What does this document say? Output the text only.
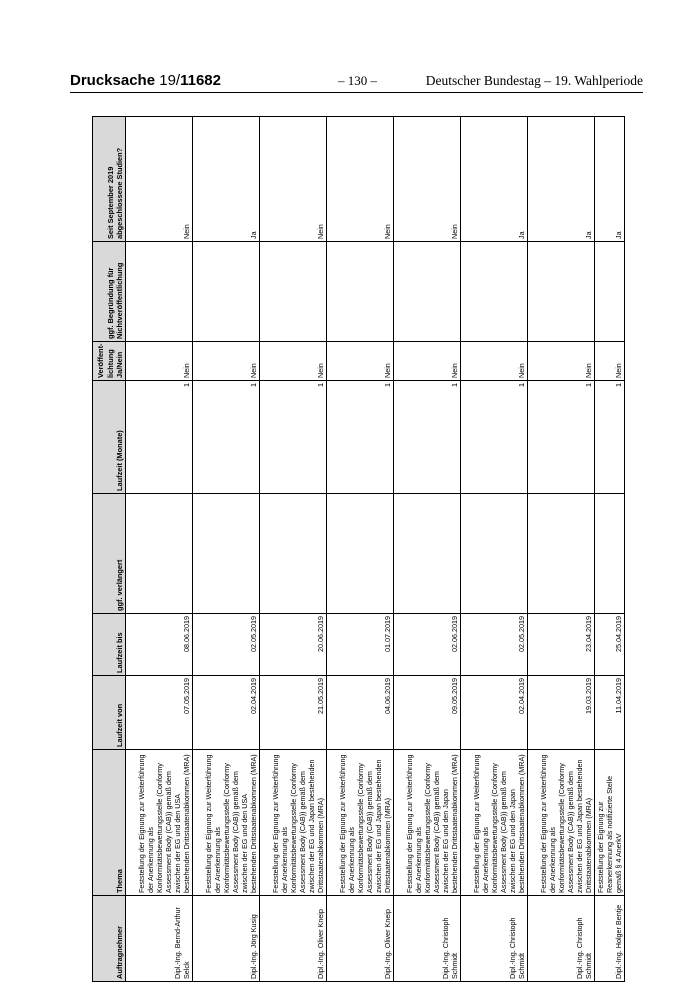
Drucksache 19/11682	– 130 –	Deutscher Bundestag – 19. Wahlperiode
Auftragnehmer	Thema	Laufzeit von	Laufzeit bis	ggf. verlängert	Laufzeit (Monate)	Veröffent-lichtung Ja/Nein	ggf. Begründung für Nichtveröffentlichung	Seit September 2019 abgeschlossene Studien?
Dipl.-Ing. Bernd-Arthur Selck	Feststellung der Eignung zur Weiterführung der Anerkennung als Konformitätsbewertungsstelle (Conformy Assessment Body (CAB)) gemäß dem zwischen der EG und den USA bestehenden Drittstaatenabkommen (MRA)	07.05.2019	08.06.2019		1	Nein		Nein
Dipl.-Ing. Jörg Kusig	Feststellung der Eignung zur Weiterführung der Anerkennung als Konformitätsbewertungsstelle (Conformy Assessment Body (CAB)) gemäß dem zwischen der EG und den USA bestehenden Drittstaatenabkommen (MRA)	02.04.2019	02.05.2019		1	Nein		Ja
Dipl.-Ing. Oliver Kneip	Feststellung der Eignung zur Weiterführung der Anerkennung als Konformitätsbewertungsstelle (Conformy Assessment Body (CAB)) gemäß dem zwischen der EG und Japan bestehenden Drittstaatenabkommen (MRA)	21.05.2019	20.06.2019		1	Nein		Nein
Dipl.-Ing. Oliver Kneip	Feststellung der Eignung zur Weiterführung der Anerkennung als Konformitätsbewertungsstelle (Conformy Assessment Body (CAB)) gemäß dem zwischen der EG und Japan bestehenden Drittstaatenabkommen (MRA)	04.06.2019	01.07.2019		1	Nein		Nein
Dipl.-Ing. Christoph Schmidt	Feststellung der Eignung zur Weiterführung der Anerkennung als Konformitätsbewertungsstelle (Conformy Assessment Body (CAB)) gemäß dem zwischen der EG und den Japan bestehenden Drittstaatenabkommen (MRA)	09.05.2019	02.06.2019		1	Nein		Nein
Dipl.-Ing. Christoph Schmidt	Feststellung der Eignung zur Weiterführung der Anerkennung als Konformitätsbewertungsstelle (Conformy Assessment Body (CAB)) gemäß dem zwischen der EG und den Japan bestehenden Drittstaatenabkommen (MRA)	02.04.2019	02.05.2019		1	Nein		Ja
Dipl.-Ing. Christoph Schmidt	Feststellung der Eignung zur Weiterführung der Anerkennung als Konformitätsbewertungsstelle (Conformy Assessment Body (CAB)) gemäß dem zwischen der EG und Japan bestehenden Drittstaatenabkommen (MRA)	19.03.2019	23.04.2019		1	Nein		Ja
Dipl.-Ing. Holger Bentje	Feststellung der Eignung zur Reanerkennung als notifizierte Stelle gemäß § 4 AnerkV	11.04.2019	25.04.2019		1	Nein		Ja
